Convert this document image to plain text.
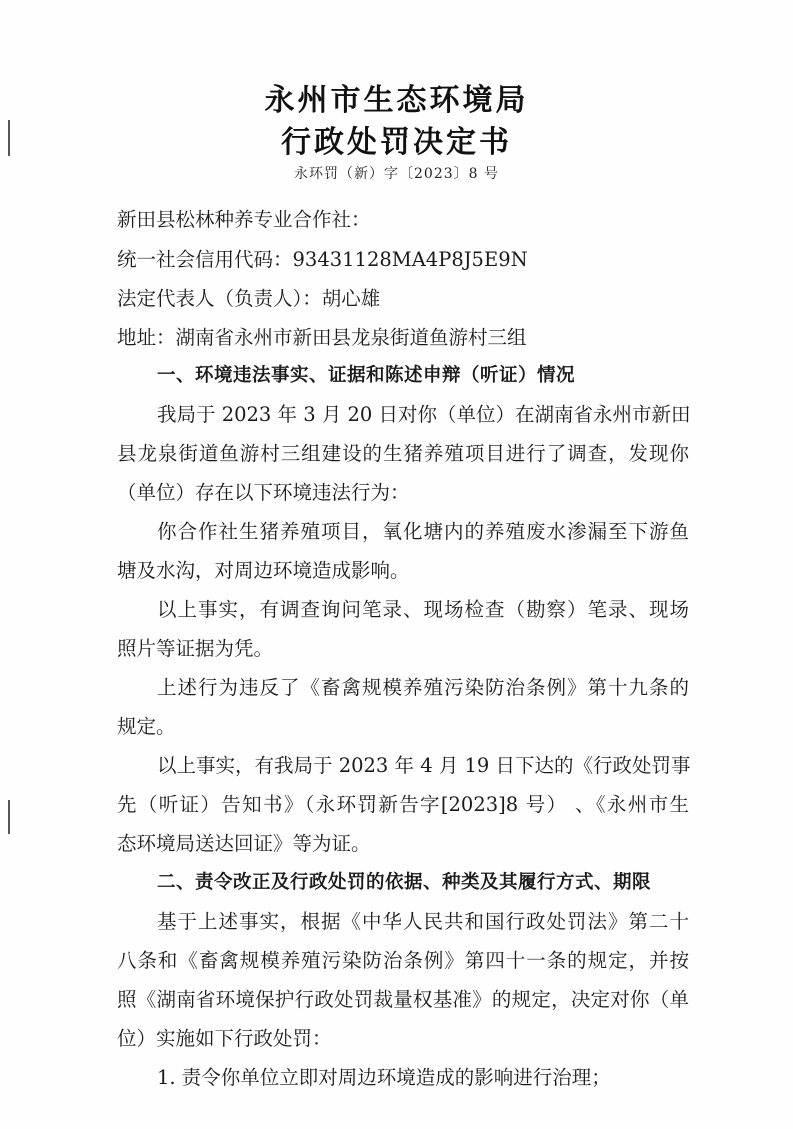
永州市生态环境局
行政处罚决定书
永环罚（新）字〔2023〕8 号
新田县松林种养专业合作社：
统一社会信用代码：93431128MA4P8J5E9N
法定代表人（负责人）：胡心雄
地址：湖南省永州市新田县龙泉街道鱼游村三组
一、环境违法事实、证据和陈述申辩（听证）情况
我局于 2023 年 3 月 20 日对你（单位）在湖南省永州市新田
县龙泉街道鱼游村三组建设的生猪养殖项目进行了调查，发现你
（单位）存在以下环境违法行为：
你合作社生猪养殖项目，氧化塘内的养殖废水渗漏至下游鱼
塘及水沟，对周边环境造成影响。
以上事实，有调查询问笔录、现场检查（勘察）笔录、现场
照片等证据为凭。
上述行为违反了《畜禽规模养殖污染防治条例》第十九条的
规定。
以上事实，有我局于 2023 年 4 月 19 日下达的《行政处罚事
先（听证）告知书》（永环罚新告字[2023]8 号） 、《永州市生
态环境局送达回证》等为证。
二、责令改正及行政处罚的依据、种类及其履行方式、期限
基于上述事实，根据《中华人民共和国行政处罚法》第二十
八条和《畜禽规模养殖污染防治条例》第四十一条的规定，并按
照《湖南省环境保护行政处罚裁量权基准》的规定，决定对你（单
位）实施如下行政处罚：
1. 责令你单位立即对周边环境造成的影响进行治理；
